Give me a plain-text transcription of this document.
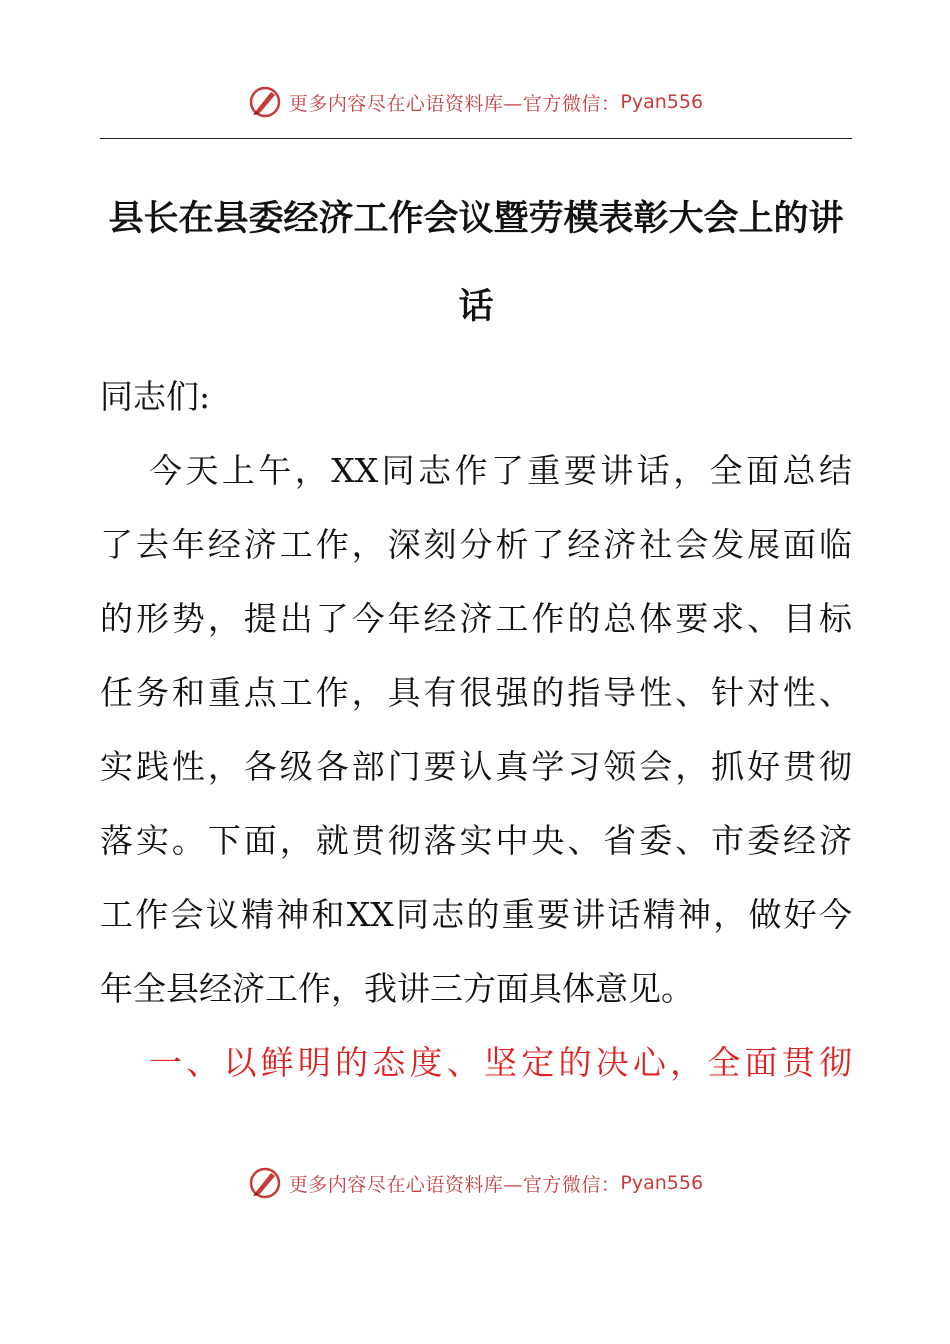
更多内容尽在心语资料库—官方微信： Pyan556
县长在县委经济工作会议暨劳模表彰大会上的讲
话
同志们:
今天上午，XX同志作了重要讲话，全面总结
了去年经济工作，深刻分析了经济社会发展面临
的形势，提出了今年经济工作的总体要求、目标
任务和重点工作，具有很强的指导性、针对性、
实践性，各级各部门要认真学习领会，抓好贯彻
落实。下面，就贯彻落实中央、省委、市委经济
工作会议精神和XX同志的重要讲话精神，做好今
年全县经济工作，我讲三方面具体意见。
一、以鲜明的态度、坚定的决心，全面贯彻
更多内容尽在心语资料库—官方微信： Pyan556
